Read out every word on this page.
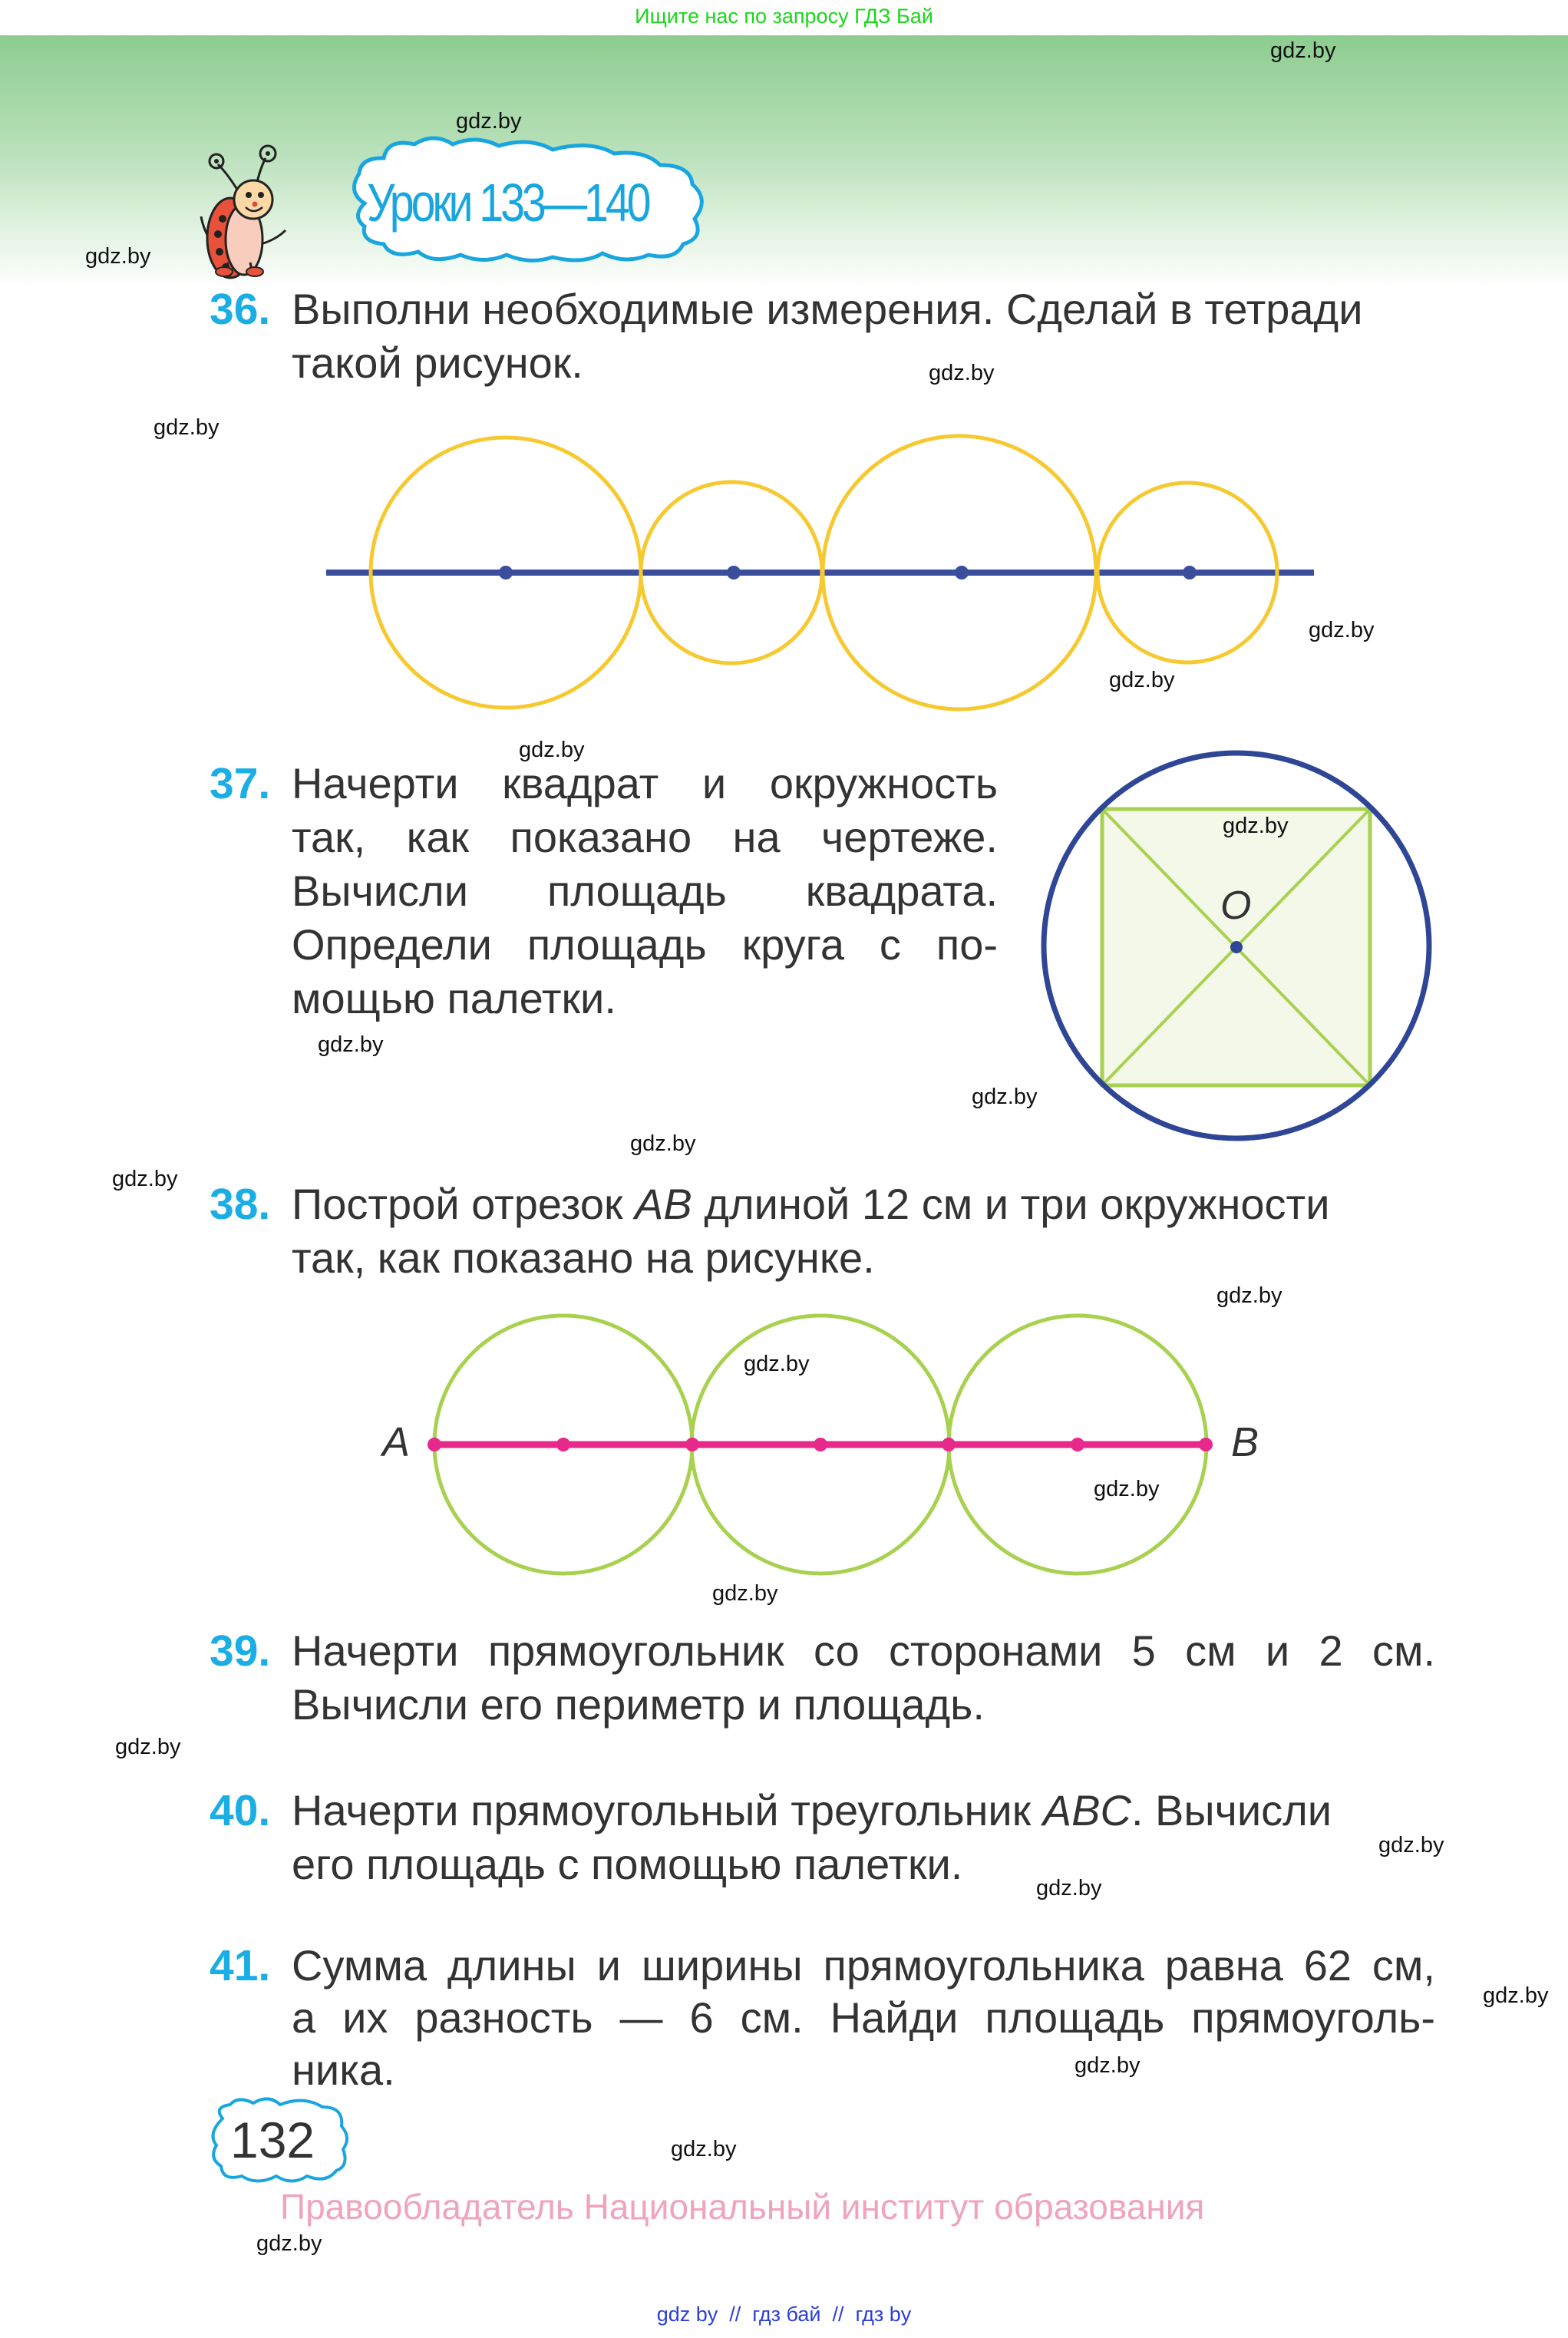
Ищите нас по запросу ГДЗ Бай
Уроки 133—140
36. Выполни необходимые измерения. Сделай в тетради
такой рисунок.
37. Начерти квадрат и окружность
так, как показано на чертеже.
Вычисли площадь квадрата.
Определи площадь круга с по-
мощью палетки.
38. Построй отрезок AB длиной 12 см и три окружности
так, как показано на рисунке.
A	B
O
39. Начерти прямоугольник со сторонами 5 см и 2 см.
Вычисли его периметр и площадь.
40. Начерти прямоугольный треугольник ABC. Вычисли
его площадь с помощью палетки.
41. Сумма длины и ширины прямоугольника равна 62 см,
а их разность — 6 см. Найди площадь прямоуголь-
ника.
132
Правообладатель Национальный институт образования
gdz by  //  гдз бай  //  гдз by
gdz.by
gdz.by
gdz.by
gdz.by
gdz.by
gdz.by
gdz.by
gdz.by
gdz.by
gdz.by
gdz.by
gdz.by
gdz.by
gdz.by
gdz.by
gdz.by
gdz.by
gdz.by
gdz.by
gdz.by
gdz.by
gdz.by
gdz.by
gdz.by
